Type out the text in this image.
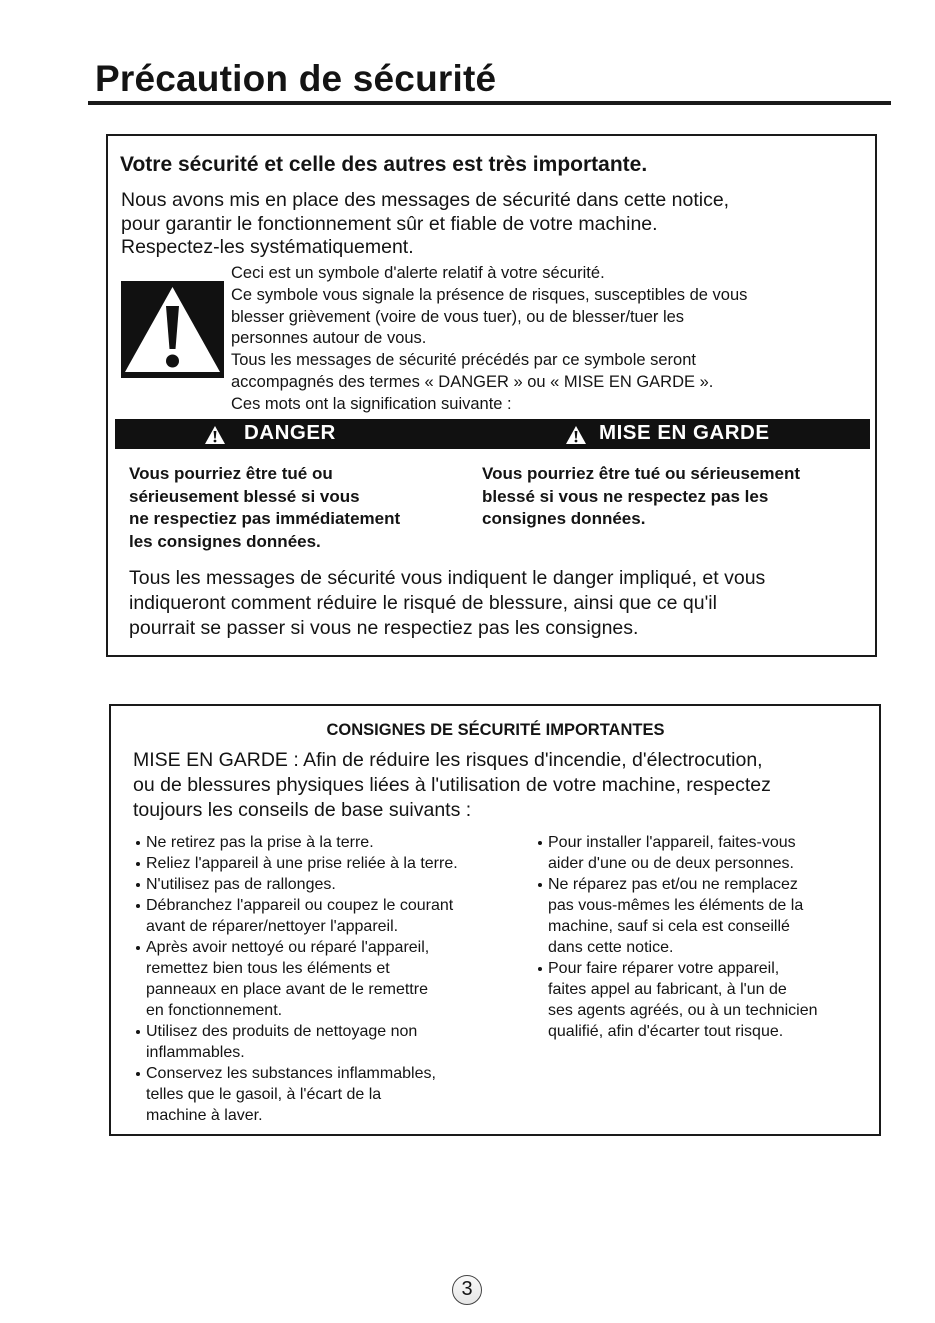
Précaution de sécurité
Votre sécurité et celle des autres est très importante.
Nous avons mis en place des messages de sécurité dans cette notice,
pour garantir le fonctionnement sûr et fiable de votre machine.
Respectez-les systématiquement.
Ceci est un symbole d'alerte relatif à votre sécurité.
Ce symbole vous signale la présence de risques, susceptibles de vous
blesser grièvement (voire de vous tuer), ou de blesser/tuer les
personnes autour de vous.
Tous les messages de sécurité précédés par ce symbole seront
accompagnés des termes « DANGER » ou « MISE EN GARDE ».
Ces mots ont la signification suivante :
DANGER	MISE EN GARDE
Vous pourriez être tué ou
sérieusement blessé si vous
ne respectiez pas immédiatement
les consignes données.
Vous pourriez être tué ou sérieusement
blessé si vous ne respectez pas les
consignes données.
Tous les messages de sécurité vous indiquent le danger impliqué, et vous
indiqueront comment réduire le risqué de blessure, ainsi que ce qu'il
pourrait se passer si vous ne respectiez pas les consignes.
CONSIGNES DE SÉCURITÉ IMPORTANTES
MISE EN GARDE : Afin de réduire les risques d'incendie, d'électrocution,
ou de blessures physiques liées à l'utilisation de votre machine, respectez
toujours les conseils de base suivants :
Ne retirez pas la prise à la terre.
Reliez l'appareil à une prise reliée à la terre.
N'utilisez pas de rallonges.
Débranchez l'appareil ou coupez le courant
avant de réparer/nettoyer l'appareil.
Après avoir nettoyé ou réparé l'appareil,
remettez bien tous les éléments et
panneaux en place avant de le remettre
en fonctionnement.
Utilisez des produits de nettoyage non
inflammables.
Conservez les substances inflammables,
telles que le gasoil, à l'écart de la
machine à laver.
Pour installer l'appareil, faites-vous
aider d'une ou de deux personnes.
Ne réparez pas et/ou ne remplacez
pas vous-mêmes les éléments de la
machine, sauf si cela est conseillé
dans cette notice.
Pour faire réparer votre appareil,
faites appel au fabricant, à l'un de
ses agents agréés, ou à un technicien
qualifié, afin d'écarter tout risque.
3
